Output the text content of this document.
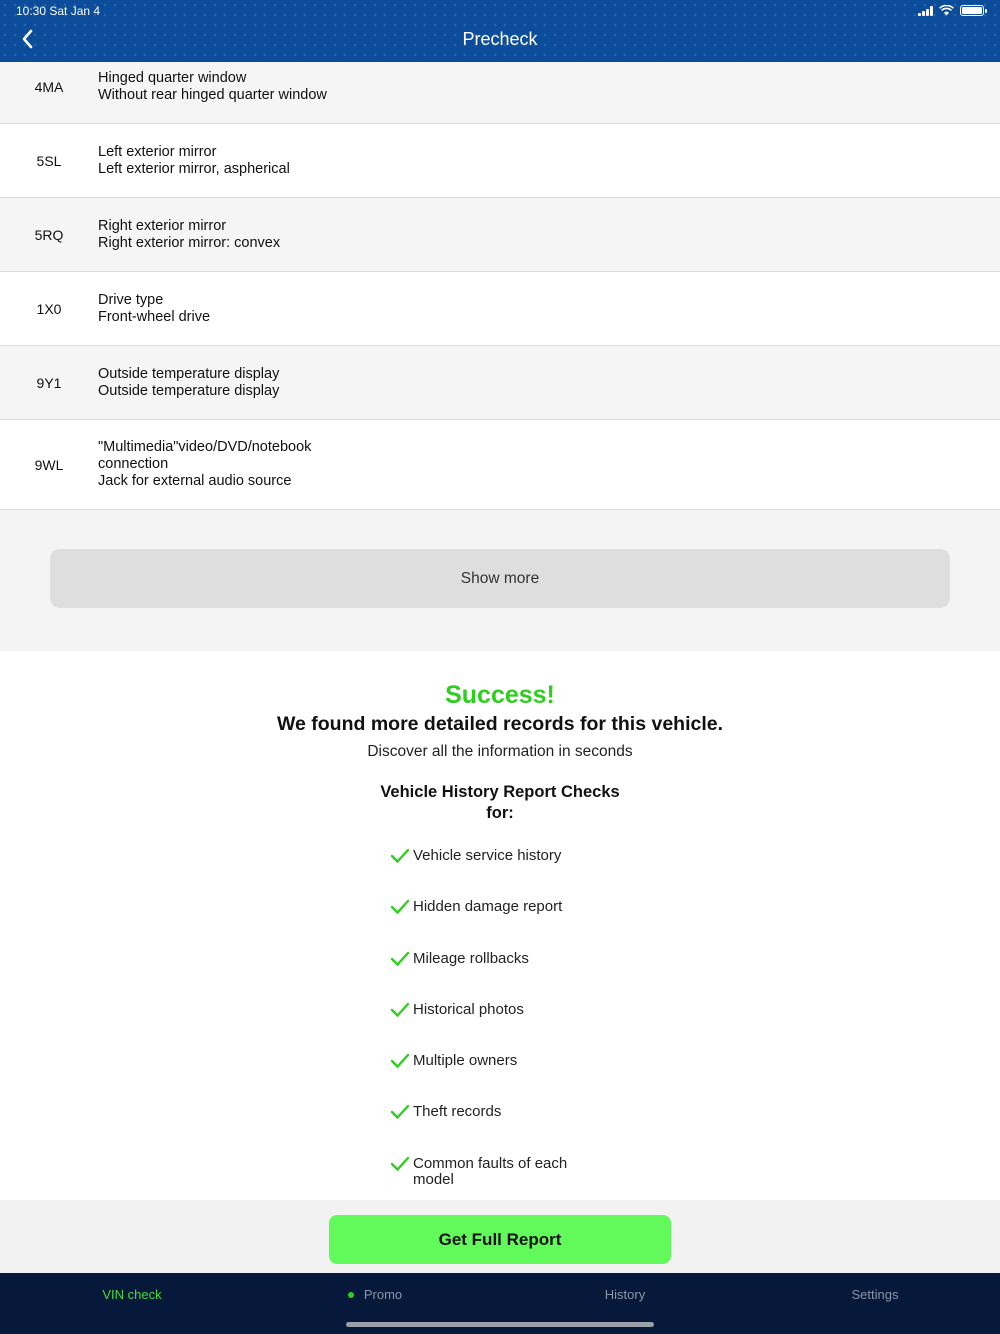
Precheck
10:30 Sat Jan 4
4MA
Hinged quarter window
Without rear hinged quarter window
5SL
Left exterior mirror
Left exterior mirror, aspherical
5RQ
Right exterior mirror
Right exterior mirror: convex
1X0
Drive type
Front-wheel drive
9Y1
Outside temperature display
Outside temperature display
9WL
"Multimedia"video/DVD/notebook
connection
Jack for external audio source
Show more
Success!
We found more detailed records for this vehicle.
Discover all the information in seconds
Vehicle History Report Checks for:
Vehicle service history
Hidden damage report
Mileage rollbacks
Historical photos
Multiple owners
Theft records
Common faults of each model
Get Full Report
VIN check	Promo	History	Settings
